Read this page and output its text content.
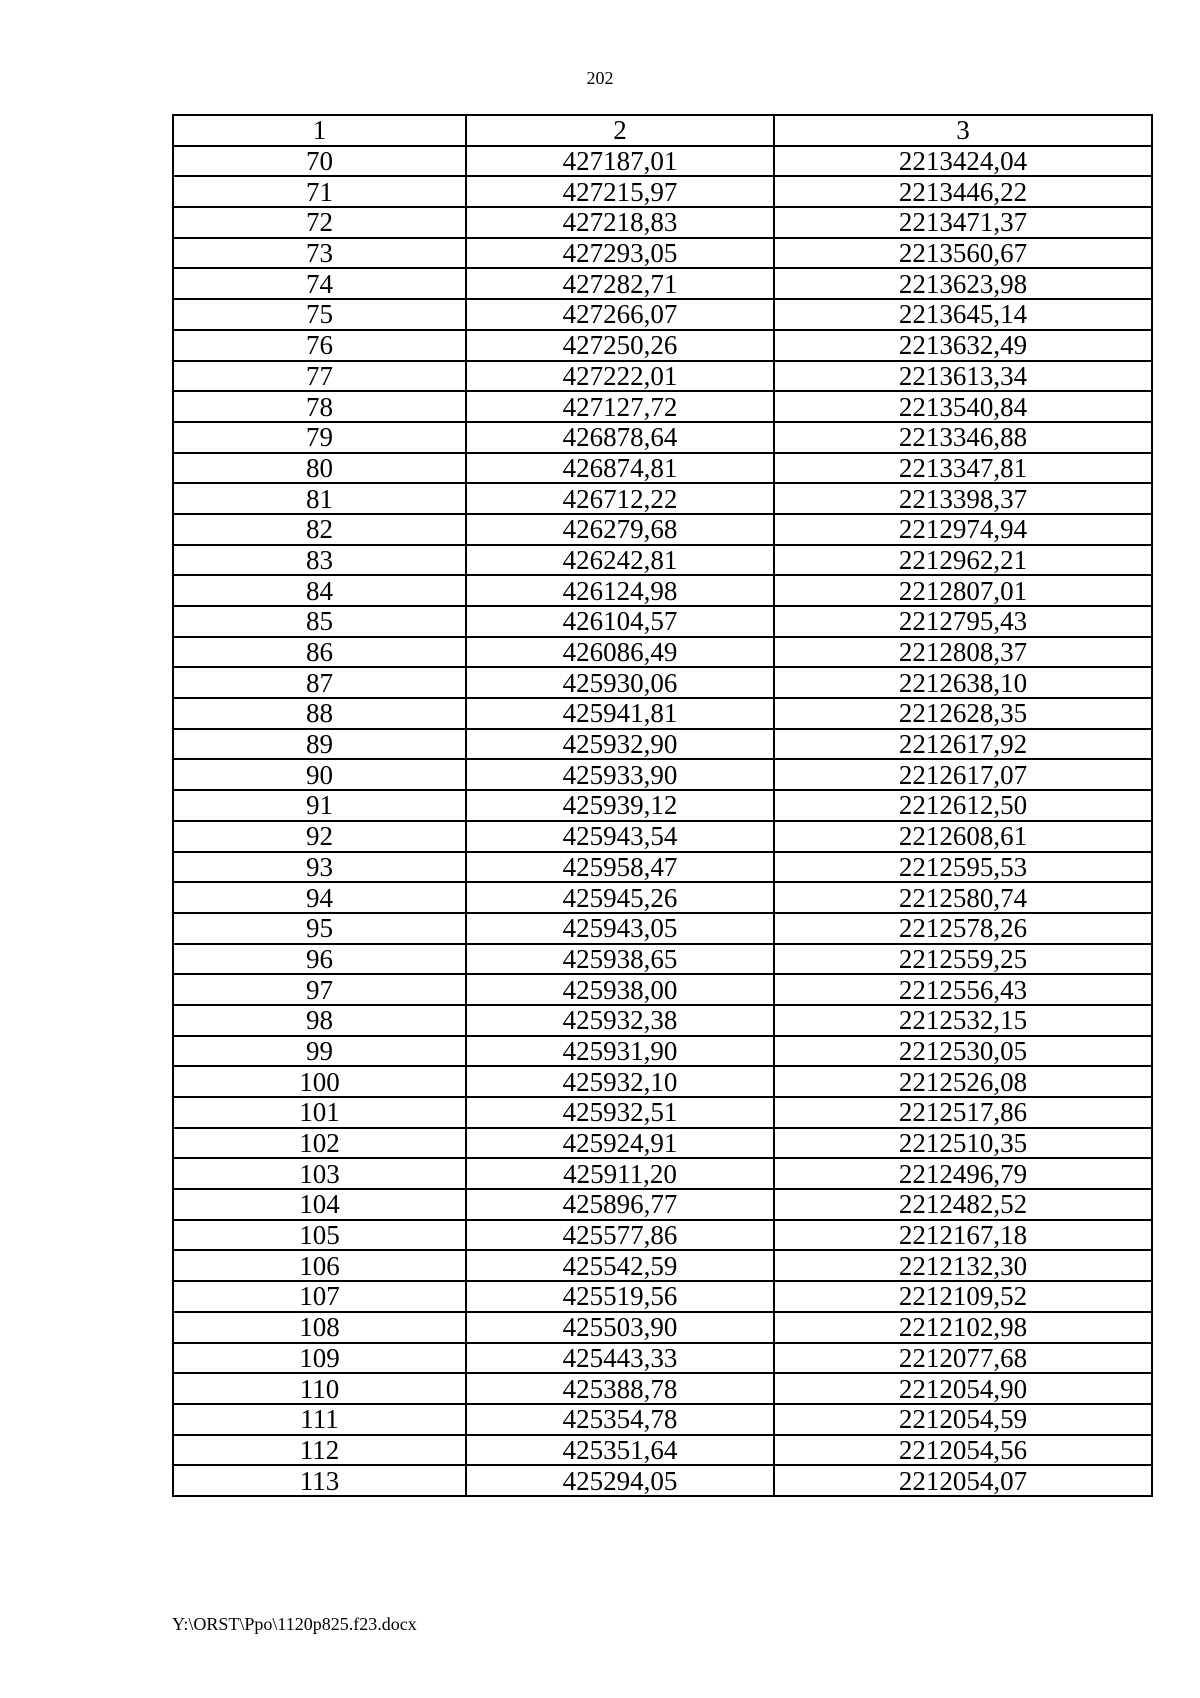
202
1	2	3
70	427187,01	2213424,04
71	427215,97	2213446,22
72	427218,83	2213471,37
73	427293,05	2213560,67
74	427282,71	2213623,98
75	427266,07	2213645,14
76	427250,26	2213632,49
77	427222,01	2213613,34
78	427127,72	2213540,84
79	426878,64	2213346,88
80	426874,81	2213347,81
81	426712,22	2213398,37
82	426279,68	2212974,94
83	426242,81	2212962,21
84	426124,98	2212807,01
85	426104,57	2212795,43
86	426086,49	2212808,37
87	425930,06	2212638,10
88	425941,81	2212628,35
89	425932,90	2212617,92
90	425933,90	2212617,07
91	425939,12	2212612,50
92	425943,54	2212608,61
93	425958,47	2212595,53
94	425945,26	2212580,74
95	425943,05	2212578,26
96	425938,65	2212559,25
97	425938,00	2212556,43
98	425932,38	2212532,15
99	425931,90	2212530,05
100	425932,10	2212526,08
101	425932,51	2212517,86
102	425924,91	2212510,35
103	425911,20	2212496,79
104	425896,77	2212482,52
105	425577,86	2212167,18
106	425542,59	2212132,30
107	425519,56	2212109,52
108	425503,90	2212102,98
109	425443,33	2212077,68
110	425388,78	2212054,90
111	425354,78	2212054,59
112	425351,64	2212054,56
113	425294,05	2212054,07
Y:\ORST\Ppo\1120p825.f23.docx
